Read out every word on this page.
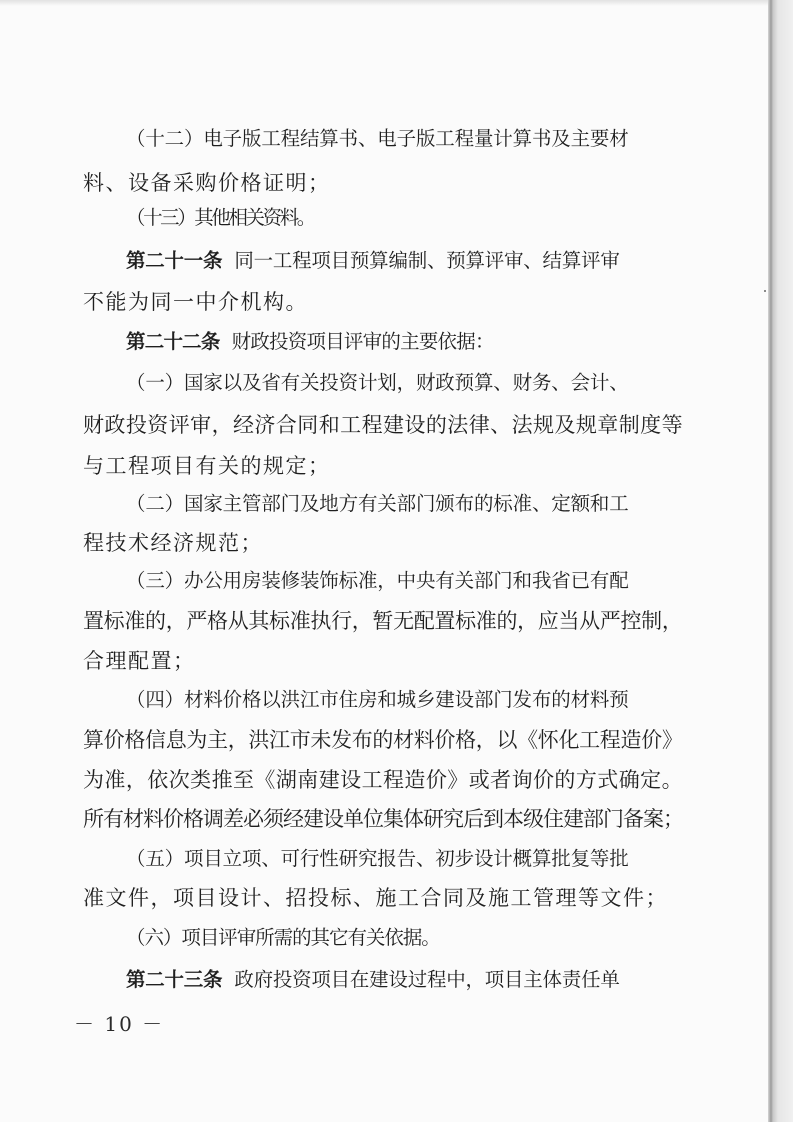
（十二）电子版工程结算书、电子版工程量计算书及主要材
料、设备采购价格证明；
（十三）其他相关资料。
第二十一条 同一工程项目预算编制、预算评审、结算评审
不能为同一中介机构。
第二十二条 财政投资项目评审的主要依据：
（一）国家以及省有关投资计划，财政预算、财务、会计、
财政投资评审，经济合同和工程建设的法律、法规及规章制度等
与工程项目有关的规定；
（二）国家主管部门及地方有关部门颁布的标准、定额和工
程技术经济规范；
（三）办公用房装修装饰标准，中央有关部门和我省已有配
置标准的，严格从其标准执行，暂无配置标准的，应当从严控制，
合理配置；
（四）材料价格以洪江市住房和城乡建设部门发布的材料预
算价格信息为主，洪江市未发布的材料价格，以《怀化工程造价》
为准，依次类推至《湖南建设工程造价》或者询价的方式确定。
所有材料价格调差必须经建设单位集体研究后到本级住建部门备案；
（五）项目立项、可行性研究报告、初步设计概算批复等批
准文件，项目设计、招投标、施工合同及施工管理等文件；
（六）项目评审所需的其它有关依据。
第二十三条 政府投资项目在建设过程中，项目主体责任单
－ 10 －
